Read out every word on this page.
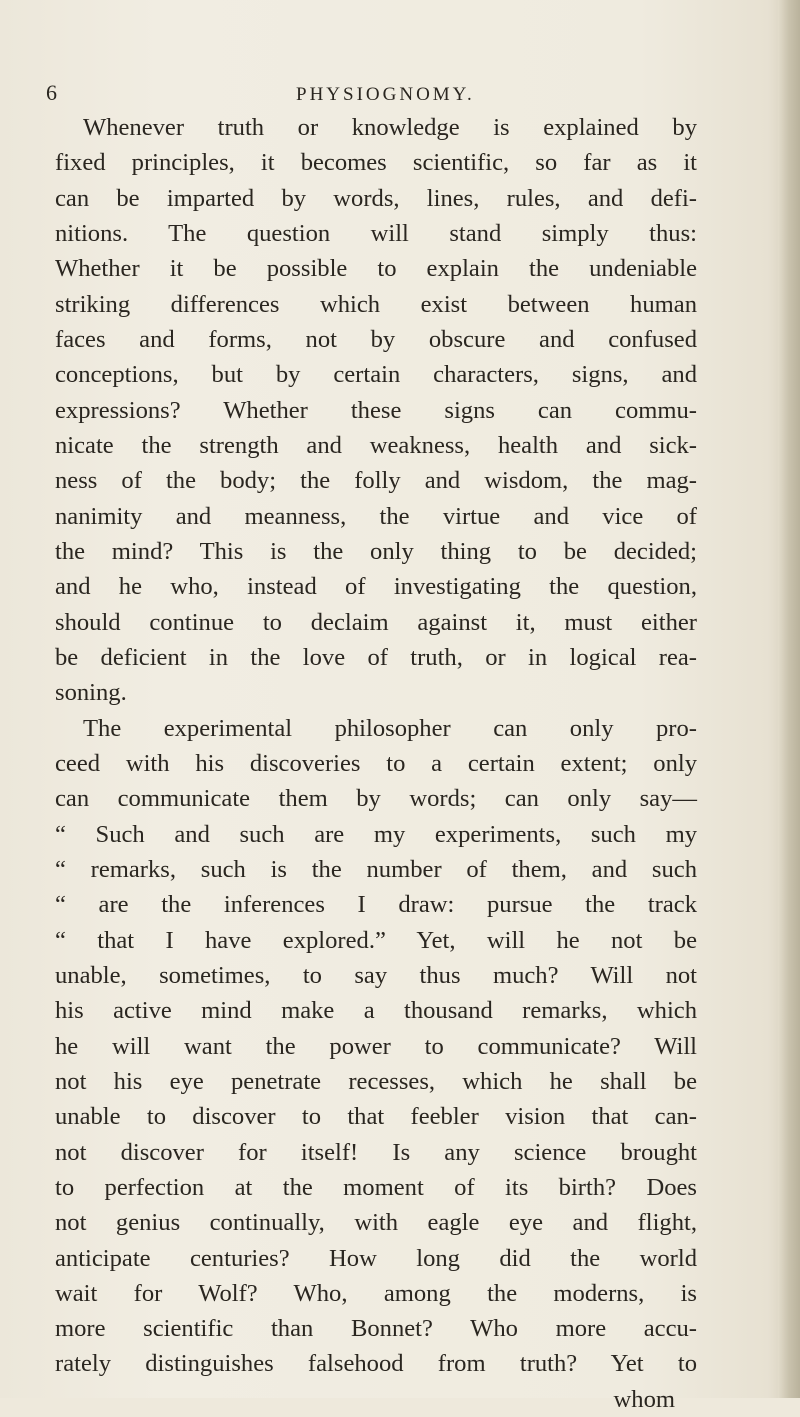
6	PHYSIOGNOMY.
Whenever truth or knowledge is explained by
fixed principles, it becomes scientific, so far as it
can be imparted by words, lines, rules, and defi-
nitions. The question will stand simply thus:
Whether it be possible to explain the undeniable
striking differences which exist between human
faces and forms, not by obscure and confused
conceptions, but by certain characters, signs, and
expressions? Whether these signs can commu-
nicate the strength and weakness, health and sick-
ness of the body; the folly and wisdom, the mag-
nanimity and meanness, the virtue and vice of
the mind? This is the only thing to be decided;
and he who, instead of investigating the question,
should continue to declaim against it, must either
be deficient in the love of truth, or in logical rea-
soning.
The experimental philosopher can only pro-
ceed with his discoveries to a certain extent; only
can communicate them by words; can only say—
“ Such and such are my experiments, such my
“ remarks, such is the number of them, and such
“ are the inferences I draw: pursue the track
“ that I have explored.” Yet, will he not be
unable, sometimes, to say thus much? Will not
his active mind make a thousand remarks, which
he will want the power to communicate? Will
not his eye penetrate recesses, which he shall be
unable to discover to that feebler vision that can-
not discover for itself! Is any science brought
to perfection at the moment of its birth? Does
not genius continually, with eagle eye and flight,
anticipate centuries? How long did the world
wait for Wolf? Who, among the moderns, is
more scientific than Bonnet? Who more accu-
rately distinguishes falsehood from truth? Yet to
whom
